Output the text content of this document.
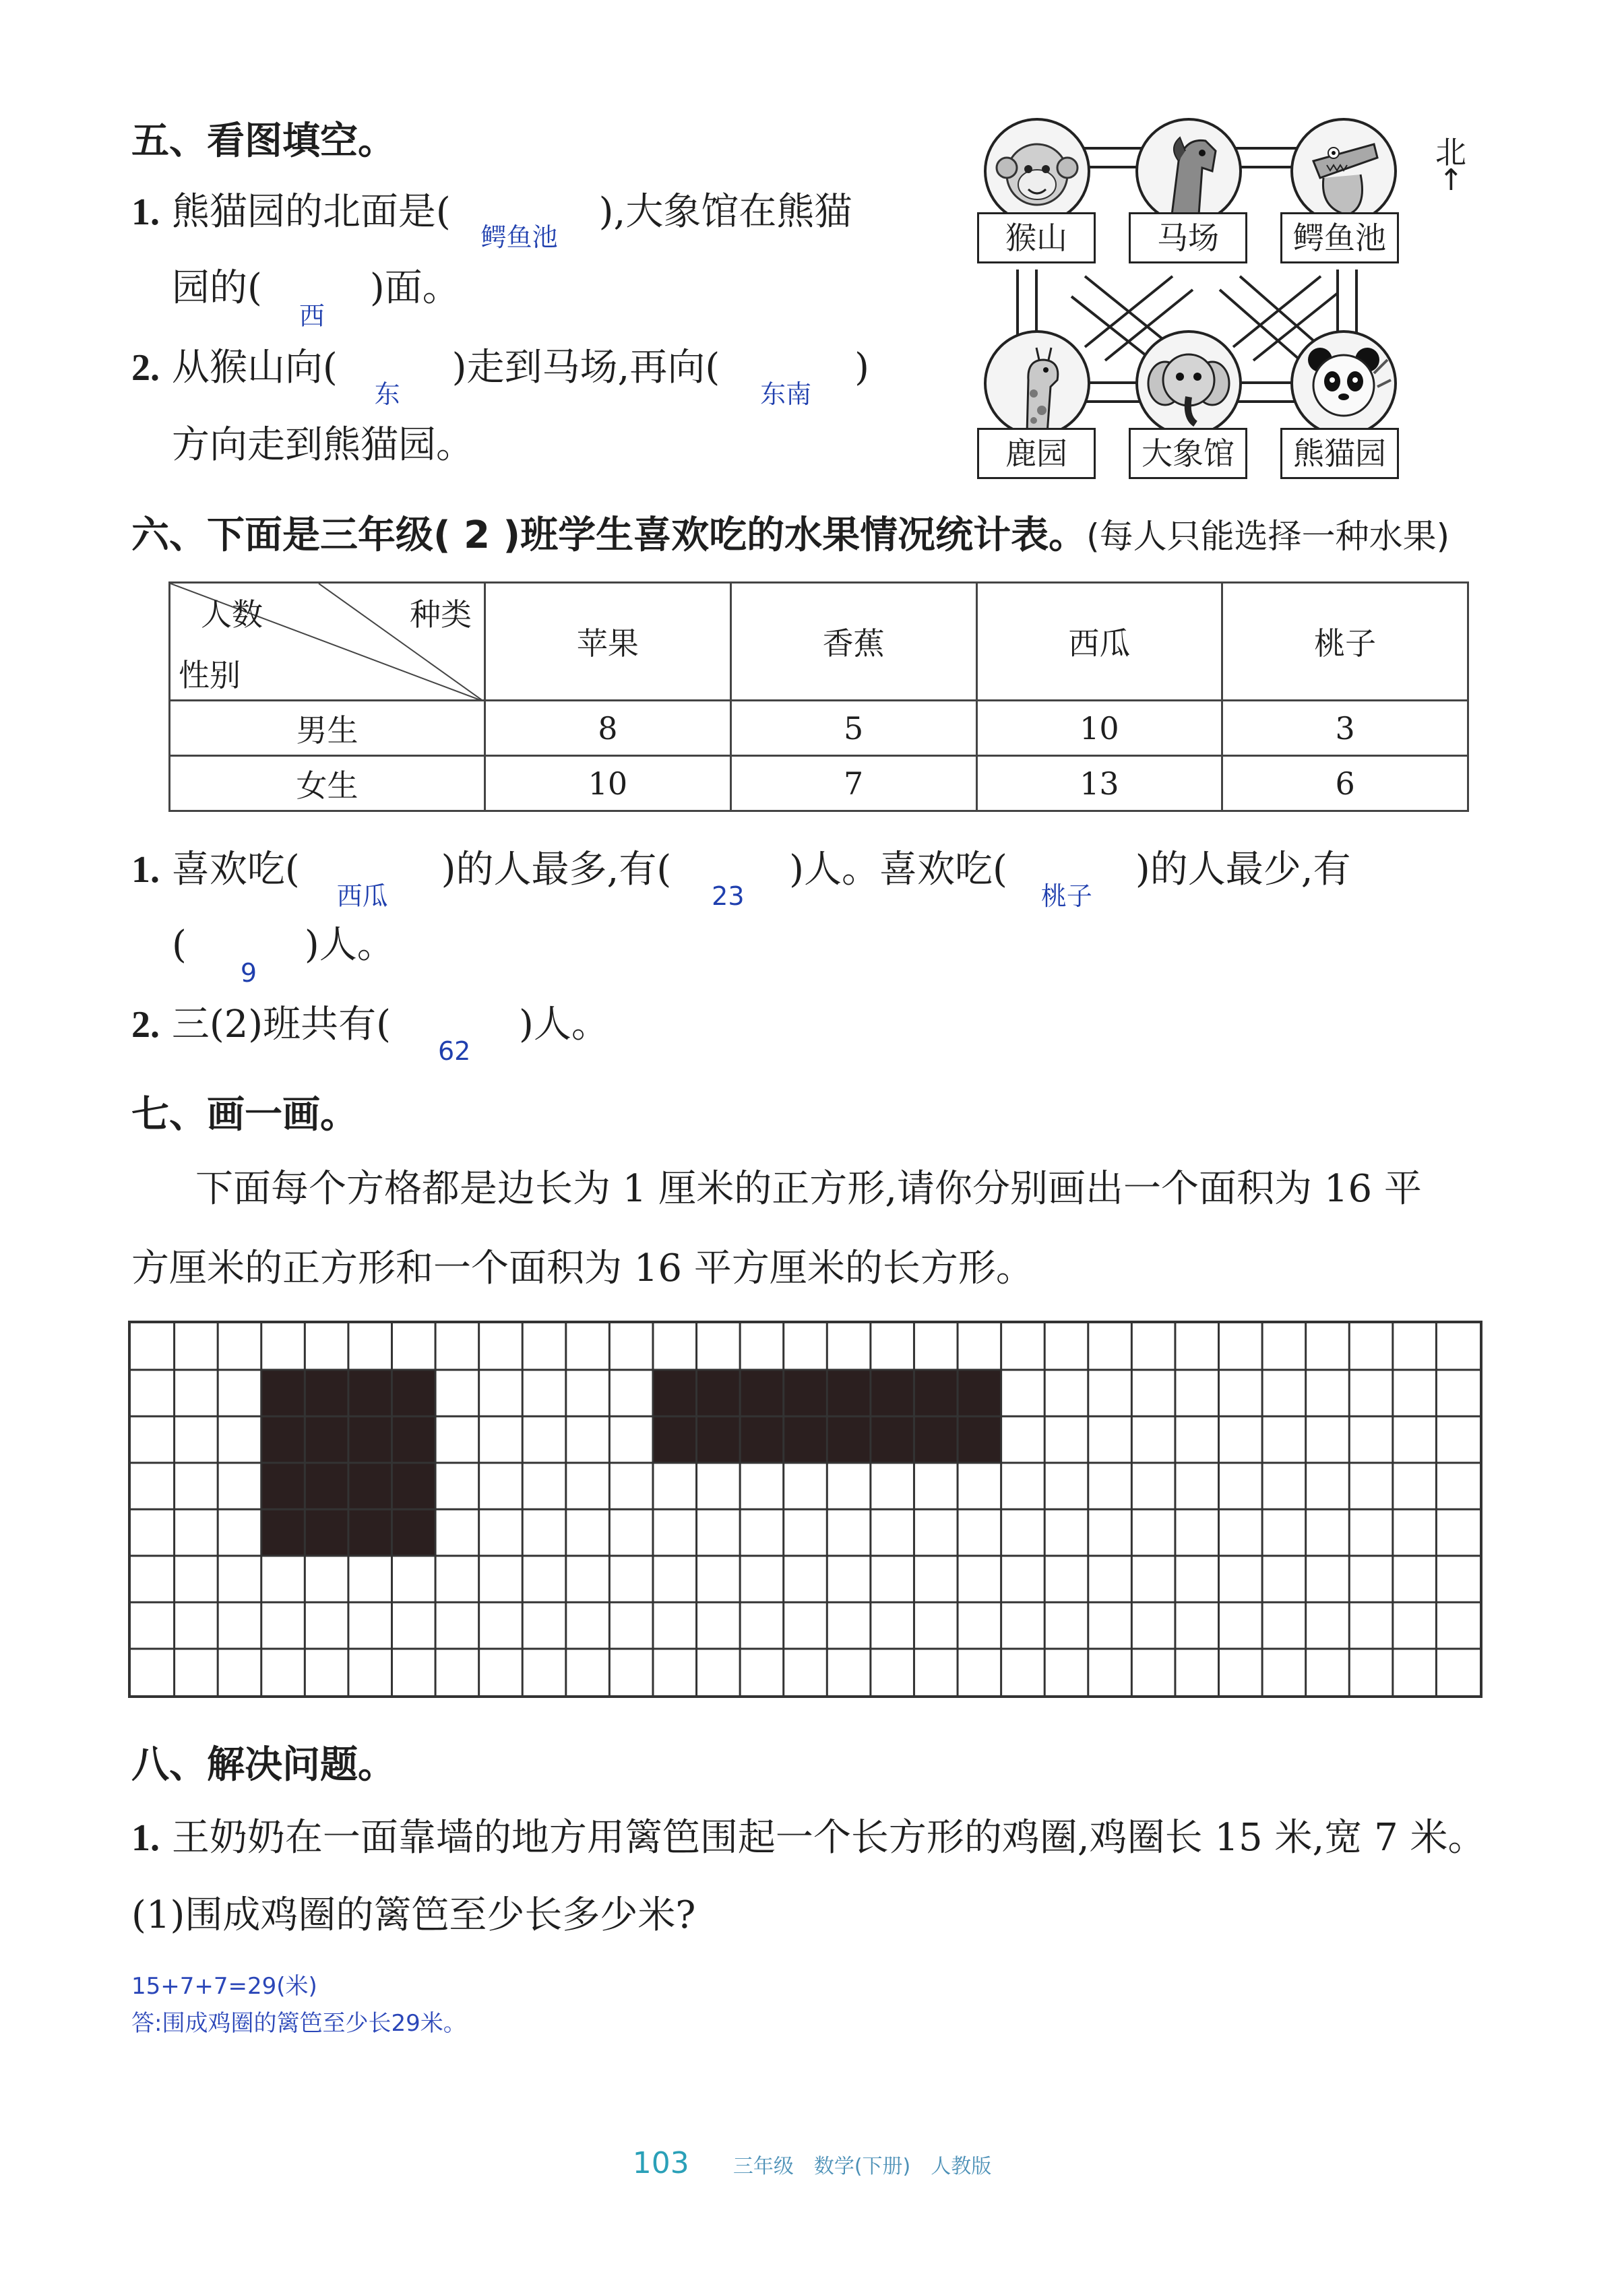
五、看图填空。
1. 熊猫园的北面是(
鳄鱼池
),大象馆在熊猫
园的(
西
)面。
2. 从猴山向(
东
)走到马场,再向(
东南
)
方向走到熊猫园。
猴山	马场	鳄鱼池
鹿园	大象馆	熊猫园
北
↑
六、下面是三年级( 2 )班学生喜欢吃的水果情况统计表。(每人只能选择一种水果)
人数 种类
性别	苹果	香蕉	西瓜	桃子
男生	8	5	10	3
女生	10	7	13	6
1. 喜欢吃(
西瓜
)的人最多,有(
23
)人。喜欢吃(
桃子
)的人最少,有
(
9
)人。
2. 三(2)班共有(
62
)人。
七、画一画。
下面每个方格都是边长为 1 厘米的正方形,请你分别画出一个面积为 16 平
方厘米的正方形和一个面积为 16 平方厘米的长方形。
八、解决问题。
1. 王奶奶在一面靠墙的地方用篱笆围起一个长方形的鸡圈,鸡圈长 15 米,宽 7 米。
(1)围成鸡圈的篱笆至少长多少米?
15+7+7=29(米)
答:围成鸡圈的篱笆至少长29米。
103 三年级　数学(下册)　人教版
